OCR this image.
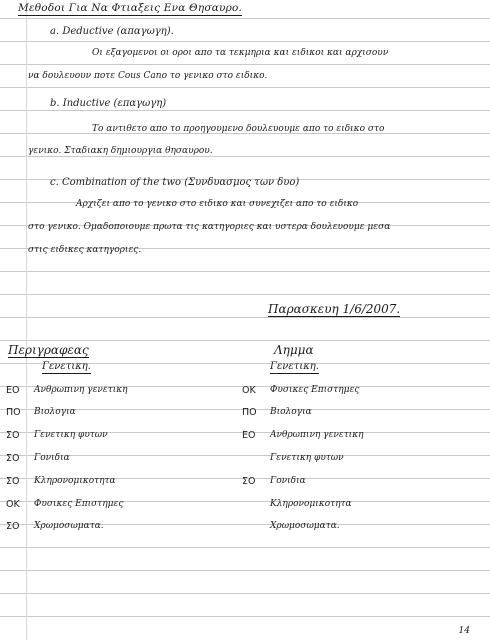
Μεθοδοι Για Να Φτιαξεις Ενα Θησαυρο.
a. Deductive (απαγωγη).
Οι εξαγομενοι οι οροι απο τα τεκμηρια και ειδικοι και αρχισουν
να δουλευουν ποτε Cous Cano το γενικο στο ειδικο.
b. Inductive (επαγωγη)
Το αντιθετο απο το προηγουμενο δουλευουμε απο το ειδικο στο
γενικο. Σταδιακη δημιουργια θησαυρου.
c. Combination of the two (Συνδυασμος των δυο)
Αρχιζει απο το γενικο στο ειδικο και συνεχιζει απο το ειδικο
στο γενικο. Ομαδοποιουμε πρωτα τις κατηγοριες και υστερα δουλευουμε μεσα
στις ειδικες κατηγοριες.
Παρασκευη 1/6/2007.
Περιγραφεας
Γενετικη.
ΕΟ Ανθρωπινη γενετικη
ΠΟ Βιολογια
ΣΟ Γενετικη φυτων
ΣΟ Γονιδια
ΣΟ Κληρονομικοτητα
ΟΚ Φυσικες Επιστημες
ΣΟ Χρωμοσωματα.
Λημμα
Γενετικη.
ΟΚ Φυσικες Επιστημες
ΠΟ Βιολογια
ΕΟ Ανθρωπινη γενετικη
Γενετικη φυτων
ΣΟ Γονιδια
Κληρονομικοτητα
Χρωμοσωματα.
14
